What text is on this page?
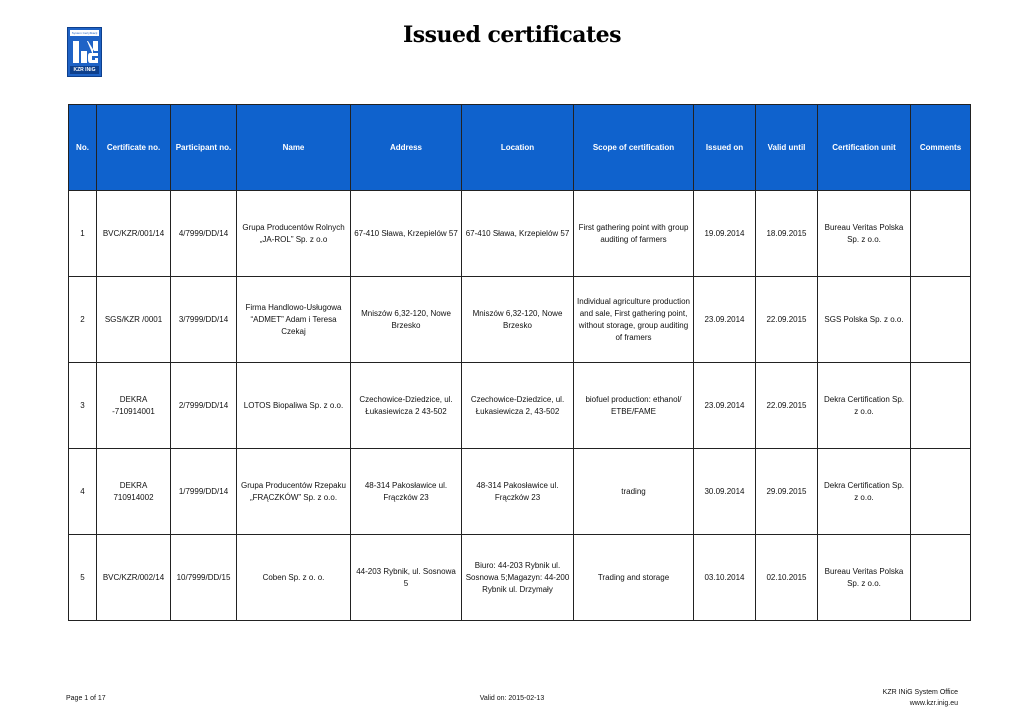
System Certyfikacji
KZR INiG
Issued certificates
No.	Certificate no.	Participant no.	Name	Address	Location	Scope of certification	Issued on	Valid until	Certification unit	Comments
1	BVC/KZR/001/14	4/7999/DD/14	Grupa Producentów Rolnych „JA-ROL” Sp. z o.o	67-410 Sława, Krzepielów 57	67-410 Sława, Krzepielów 57	First gathering point with group auditing of farmers	19.09.2014	18.09.2015	Bureau Veritas Polska Sp. z o.o.	
2	SGS/KZR /0001	3/7999/DD/14	Firma Handlowo-Usługowa “ADMET” Adam i Teresa Czekaj	Mniszów 6,32-120, Nowe Brzesko	Mniszów 6,32-120, Nowe Brzesko	Individual agriculture production and sale, First gathering point, without storage, group auditing of framers	23.09.2014	22.09.2015	SGS Polska Sp. z o.o.	
3	DEKRA -710914001	2/7999/DD/14	LOTOS Biopaliwa Sp. z o.o.	Czechowice-Dziedzice, ul. Łukasiewicza 2 43-502	Czechowice-Dziedzice, ul. Łukasiewicza 2, 43-502	biofuel production: ethanol/ ETBE/FAME	23.09.2014	22.09.2015	Dekra Certification Sp. z o.o.	
4	DEKRA 710914002	1/7999/DD/14	Grupa Producentów Rzepaku „FRĄCZKÓW” Sp. z o.o.	48-314 Pakosławice ul. Frączków 23	48-314 Pakosławice ul. Frączków 23	trading	30.09.2014	29.09.2015	Dekra Certification Sp. z o.o.	
5	BVC/KZR/002/14	10/7999/DD/15	Coben Sp. z o. o.	44-203 Rybnik, ul. Sosnowa 5	Biuro: 44-203 Rybnik ul. Sosnowa 5;Magazyn: 44-200 Rybnik ul. Drzymały	Trading and storage	03.10.2014	02.10.2015	Bureau Veritas Polska Sp. z o.o.	
Page 1 of 17	Valid on: 2015-02-13
KZR INiG System Office
www.kzr.inig.eu
